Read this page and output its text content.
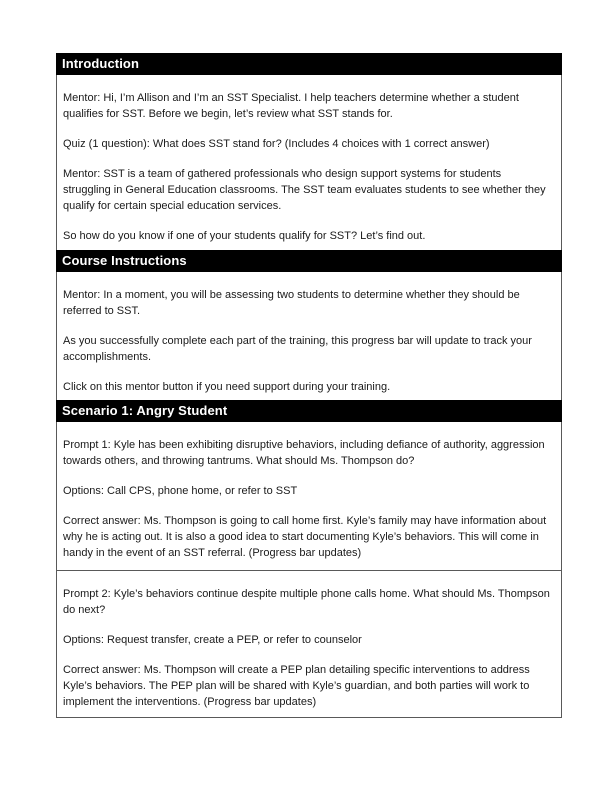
Introduction

Mentor: Hi, I’m Allison and I’m an SST Specialist. I help teachers determine whether a student qualifies for SST. Before we begin, let’s review what SST stands for.

Quiz (1 question): What does SST stand for? (Includes 4 choices with 1 correct answer)

Mentor: SST is a team of gathered professionals who design support systems for students struggling in General Education classrooms. The SST team evaluates students to see whether they qualify for certain special education services.

So how do you know if one of your students qualify for SST? Let’s find out.

Course Instructions

Mentor: In a moment, you will be assessing two students to determine whether they should be referred to SST.

As you successfully complete each part of the training, this progress bar will update to track your accomplishments.

Click on this mentor button if you need support during your training.

Scenario 1: Angry Student

Prompt 1: Kyle has been exhibiting disruptive behaviors, including defiance of authority, aggression towards others, and throwing tantrums. What should Ms. Thompson do?

Options: Call CPS, phone home, or refer to SST

Correct answer: Ms. Thompson is going to call home first. Kyle’s family may have information about why he is acting out. It is also a good idea to start documenting Kyle’s behaviors. This will come in handy in the event of an SST referral. (Progress bar updates)

Prompt 2: Kyle’s behaviors continue despite multiple phone calls home. What should Ms. Thompson do next?

Options: Request transfer, create a PEP, or refer to counselor

Correct answer: Ms. Thompson will create a PEP plan detailing specific interventions to address Kyle’s behaviors. The PEP plan will be shared with Kyle’s guardian, and both parties will work to implement the interventions. (Progress bar updates)
